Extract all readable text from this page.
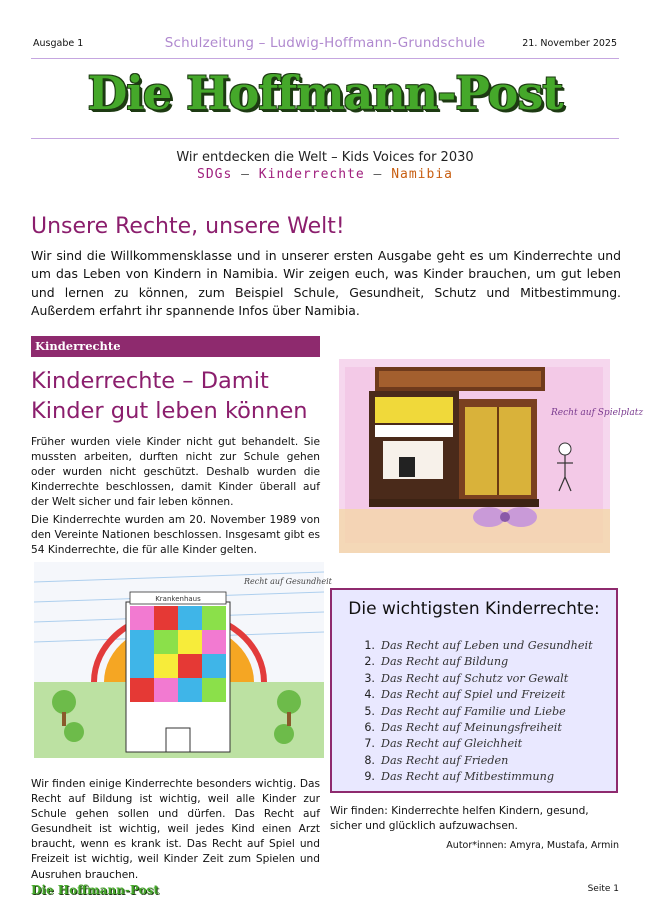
Ausgabe 1	Schulzeitung – Ludwig-Hoffmann-Grundschule	21. November 2025
Die Hoffmann-Post
Wir entdecken die Welt – Kids Voices for 2030
SDGs – Kinderrechte – Namibia
Unsere Rechte, unsere Welt!
Wir sind die Willkommensklasse und in unserer ersten Ausgabe geht es um Kinderrechte und um das Leben von Kindern in Namibia. Wir zeigen euch, was Kinder brauchen, um gut leben und lernen zu können, zum Beispiel Schule, Gesundheit, Schutz und Mitbestimmung. Außerdem erfahrt ihr spannende Infos über Namibia.
Kinderrechte
Kinderrechte – Damit
Kinder gut leben können
Früher wurden viele Kinder nicht gut behandelt. Sie mussten arbeiten, durften nicht zur Schule gehen oder wurden nicht geschützt. Deshalb wurden die Kinderrechte beschlossen, damit Kinder überall auf der Welt sicher und fair leben können.
Die Kinderrechte wurden am 20. November 1989 von den Vereinte Nationen beschlossen. Insgesamt gibt es 54 Kinderrechte, die für alle Kinder gelten.
Recht auf Spielplatz
Krankenhaus
Recht auf Gesundheit
Wir finden einige Kinderrechte besonders wichtig. Das Recht auf Bildung ist wichtig, weil alle Kinder zur Schule gehen sollen und dürfen. Das Recht auf Gesundheit ist wichtig, weil jedes Kind einen Arzt braucht, wenn es krank ist. Das Recht auf Spiel und Freizeit ist wichtig, weil Kinder Zeit zum Spielen und Ausruhen brauchen.
Die wichtigsten Kinderrechte:
1. Das Recht auf Leben und Gesundheit
2. Das Recht auf Bildung
3. Das Recht auf Schutz vor Gewalt
4. Das Recht auf Spiel und Freizeit
5. Das Recht auf Familie und Liebe
6. Das Recht auf Meinungsfreiheit
7. Das Recht auf Gleichheit
8. Das Recht auf Frieden
9. Das Recht auf Mitbestimmung
Wir finden: Kinderrechte helfen Kindern, gesund, sicher und glücklich aufzuwachsen.
Autor*innen: Amyra, Mustafa, Armin
Die Hoffmann-Post	Seite 1
